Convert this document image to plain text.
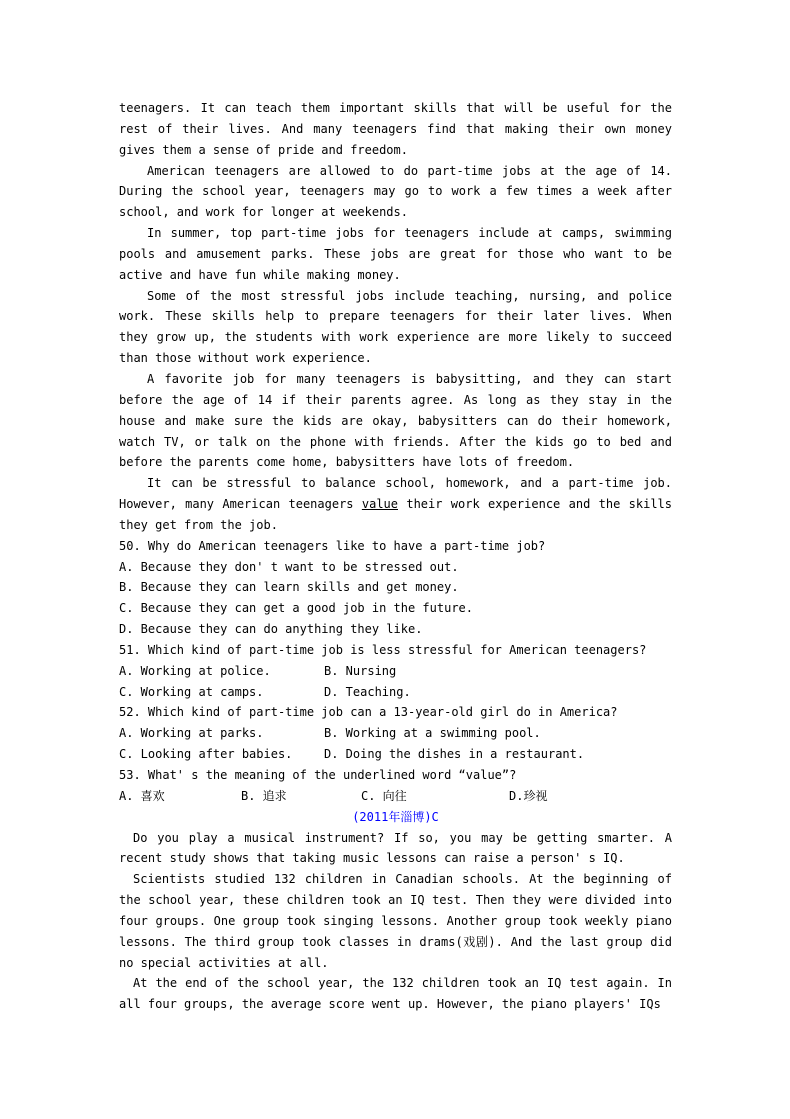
teenagers. It can teach them important skills that will be useful for the rest of their lives. And many teenagers find that making their own money gives them a sense of pride and freedom.

American teenagers are allowed to do part-time jobs at the age of 14. During the school year, teenagers may go to work a few times a week after school, and work for longer at weekends.

In summer, top part-time jobs for teenagers include at camps, swimming pools and amusement parks. These jobs are great for those who want to be active and have fun while making money.

Some of the most stressful jobs include teaching, nursing, and police work. These skills help to prepare teenagers for their later lives. When they grow up, the students with work experience are more likely to succeed than those without work experience.

A favorite job for many teenagers is babysitting, and they can start before the age of 14 if their parents agree. As long as they stay in the house and make sure the kids are okay, babysitters can do their homework, watch TV, or talk on the phone with friends. After the kids go to bed and before the parents come home, babysitters have lots of freedom.

It can be stressful to balance school, homework, and a part-time job. However, many American teenagers value their work experience and the skills they get from the job.

50. Why do American teenagers like to have a part-time job?

A. Because they don' t want to be stressed out.

B. Because they can learn skills and get money.

C. Because they can get a good job in the future.

D. Because they can do anything they like.

51. Which kind of part-time job is less stressful for American teenagers?

A. Working at police.	B. Nursing

C. Working at camps.	D. Teaching.

52. Which kind of part-time job can a 13-year-old girl do in America?

A. Working at parks.	B. Working at a swimming pool.

C. Looking after babies.	D. Doing the dishes in a restaurant.

53. What' s the meaning of the underlined word “value”?

A. 喜欢	B. 追求	C. 向往	D.珍视

(2011年淄博)C

Do you play a musical instrument? If so, you may be getting smarter. A recent study shows that taking music lessons can raise a person' s IQ.

Scientists studied 132 children in Canadian schools. At the beginning of the school year, these children took an IQ test. Then they were divided into four groups. One group took singing lessons. Another group took weekly piano lessons. The third group took classes in drams(戏剧). And the last group did no special activities at all.

At the end of the school year, the 132 children took an IQ test again. In all four groups, the average score went up. However, the piano players' IQs
